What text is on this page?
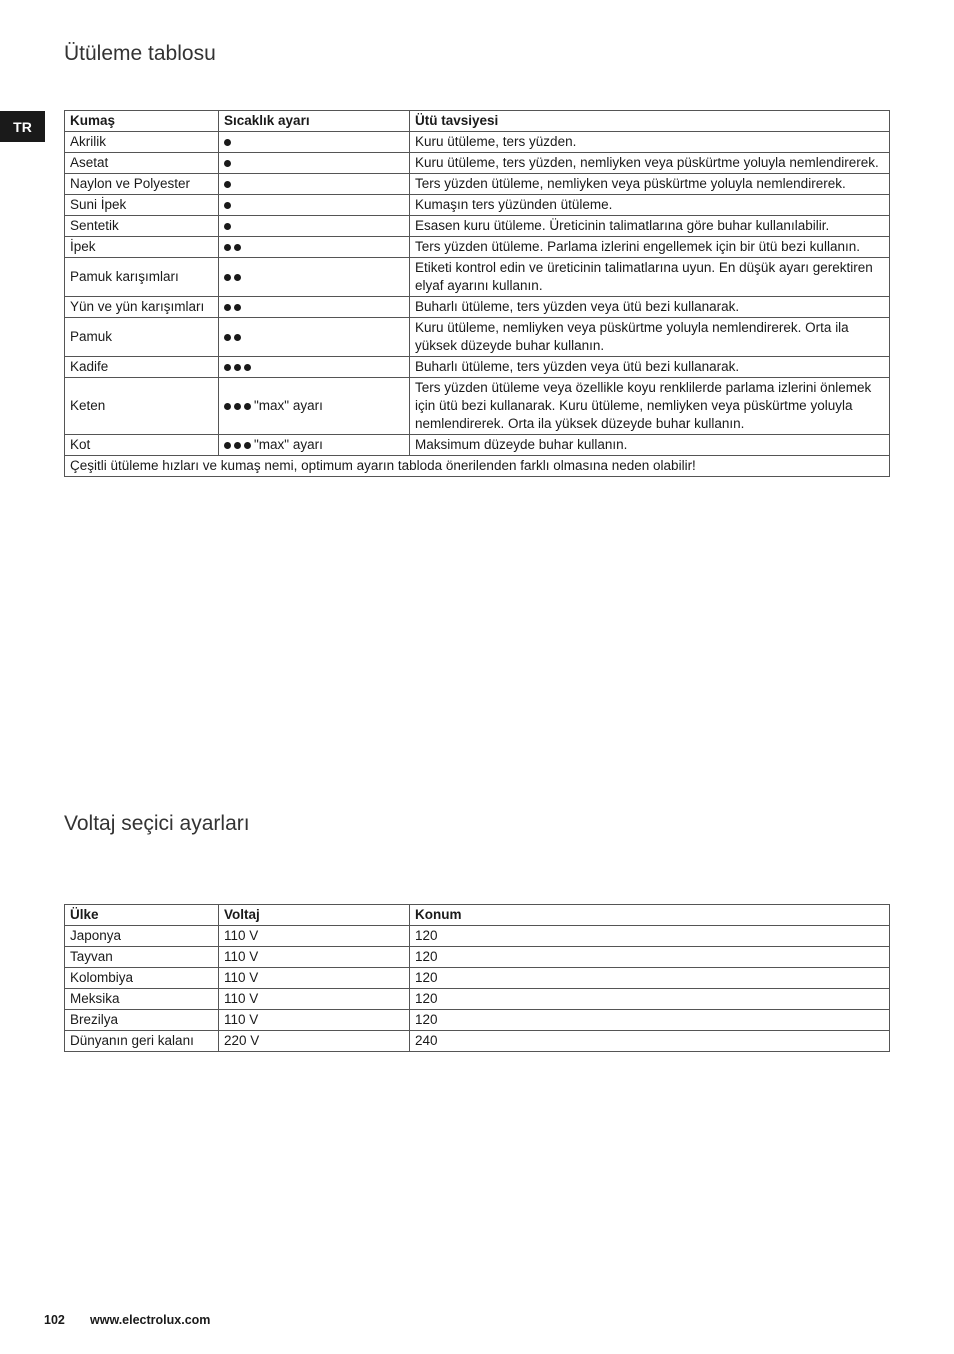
Ütüleme tablosu
TR	Kumaş	Sıcaklık ayarı	Ütü tavsiyesi
Akrilik		Kuru ütüleme, ters yüzden.
Asetat		Kuru ütüleme, ters yüzden, nemliyken veya püskürtme yoluyla nemlendirerek.
Naylon ve Polyester		Ters yüzden ütüleme, nemliyken veya püskürtme yoluyla nemlendirerek.
Suni İpek		Kumaşın ters yüzünden ütüleme.
Sentetik		Esasen kuru ütüleme. Üreticinin talimatlarına göre buhar kullanılabilir.
İpek		Ters yüzden ütüleme. Parlama izlerini engellemek için bir ütü bezi kullanın.
Pamuk karışımları		Etiketi kontrol edin ve üreticinin talimatlarına uyun. En düşük ayarı gerektiren elyaf ayarını kullanın.
Yün ve yün karışımları		Buharlı ütüleme, ters yüzden veya ütü bezi kullanarak.
Pamuk		Kuru ütüleme, nemliyken veya püskürtme yoluyla nemlendirerek. Orta ila yüksek düzeyde buhar kullanın.
Kadife		Buharlı ütüleme, ters yüzden veya ütü bezi kullanarak.
Keten	"max" ayarı	Ters yüzden ütüleme veya özellikle koyu renklilerde parlama izlerini önlemek için ütü bezi kullanarak. Kuru ütüleme, nemliyken veya püskürtme yoluyla nemlendirerek. Orta ila yüksek düzeyde buhar kullanın.
Kot	"max" ayarı	Maksimum düzeyde buhar kullanın.
Çeşitli ütüleme hızları ve kumaş nemi, optimum ayarın tabloda önerilenden farklı olmasına neden olabilir!		
Voltaj seçici ayarları
Ülke	Voltaj	Konum
Japonya	110 V	120
Tayvan	110 V	120
Kolombiya	110 V	120
Meksika	110 V	120
Brezilya	110 V	120
Dünyanın geri kalanı	220 V	240
102 www.electrolux.com
